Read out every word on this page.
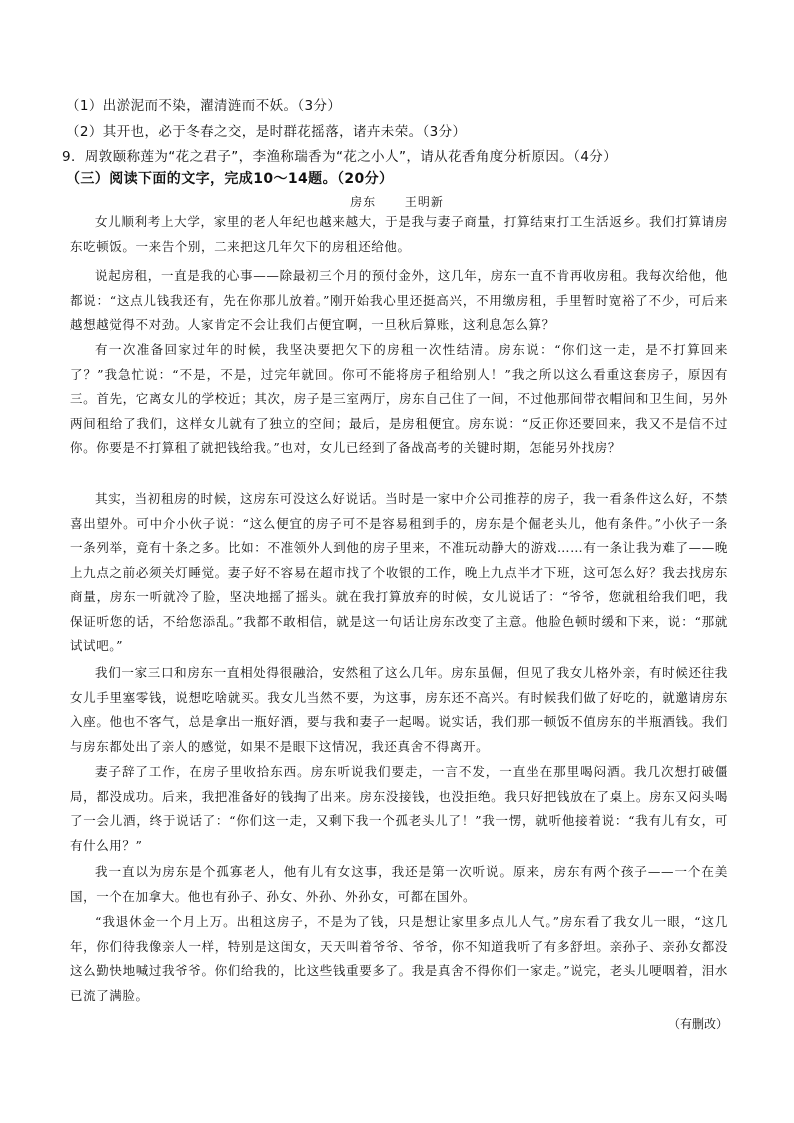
（1）出淤泥而不染，濯清涟而不妖。（3分）
（2）其开也，必于冬春之交，是时群花摇落，诸卉未荣。（3分）
9．周敦颐称莲为“花之君子”，李渔称瑞香为“花之小人”，请从花香角度分析原因。（4分）
（三）阅读下面的文字，完成10～14题。（20分）
房东 王明新

女儿顺利考上大学，家里的老人年纪也越来越大，于是我与妻子商量，打算结束打工生活返乡。我们打算请房东吃顿饭。一来告个别，二来把这几年欠下的房租还给他。

说起房租，一直是我的心事——除最初三个月的预付金外，这几年，房东一直不肯再收房租。我每次给他，他都说：“这点儿钱我还有，先在你那儿放着。”刚开始我心里还挺高兴，不用缴房租，手里暂时宽裕了不少，可后来越想越觉得不对劲。人家肯定不会让我们占便宜啊，一旦秋后算账，这利息怎么算？

有一次准备回家过年的时候，我坚决要把欠下的房租一次性结清。房东说：“你们这一走，是不打算回来了？”我急忙说：“不是，不是，过完年就回。你可不能将房子租给别人！”我之所以这么看重这套房子，原因有三。首先，它离女儿的学校近；其次，房子是三室两厅，房东自己住了一间，不过他那间带衣帽间和卫生间，另外两间租给了我们，这样女儿就有了独立的空间；最后，是房租便宜。房东说：“反正你还要回来，我又不是信不过你。你要是不打算租了就把钱给我。”也对，女儿已经到了备战高考的关键时期，怎能另外找房？

其实，当初租房的时候，这房东可没这么好说话。当时是一家中介公司推荐的房子，我一看条件这么好，不禁喜出望外。可中介小伙子说：“这么便宜的房子可不是容易租到手的，房东是个倔老头儿，他有条件。”小伙子一条一条列举，竟有十条之多。比如：不准领外人到他的房子里来，不准玩动静大的游戏……有一条让我为难了——晚上九点之前必须关灯睡觉。妻子好不容易在超市找了个收银的工作，晚上九点半才下班，这可怎么好？我去找房东商量，房东一听就冷了脸，坚决地摇了摇头。就在我打算放弃的时候，女儿说话了：“爷爷，您就租给我们吧，我保证听您的话，不给您添乱。”我都不敢相信，就是这一句话让房东改变了主意。他脸色顿时缓和下来，说：“那就试试吧。”

我们一家三口和房东一直相处得很融洽，安然租了这么几年。房东虽倔，但见了我女儿格外亲，有时候还往我女儿手里塞零钱，说想吃啥就买。我女儿当然不要，为这事，房东还不高兴。有时候我们做了好吃的，就邀请房东入座。他也不客气，总是拿出一瓶好酒，要与我和妻子一起喝。说实话，我们那一顿饭不值房东的半瓶酒钱。我们与房东都处出了亲人的感觉，如果不是眼下这情况，我还真舍不得离开。

妻子辞了工作，在房子里收拾东西。房东听说我们要走，一言不发，一直坐在那里喝闷酒。我几次想打破僵局，都没成功。后来，我把准备好的钱掏了出来。房东没接钱，也没拒绝。我只好把钱放在了桌上。房东又闷头喝了一会儿酒，终于说话了：“你们这一走，又剩下我一个孤老头儿了！”我一愣，就听他接着说：“我有儿有女，可有什么用？”

我一直以为房东是个孤寡老人，他有儿有女这事，我还是第一次听说。原来，房东有两个孩子——一个在美国，一个在加拿大。他也有孙子、孙女、外孙、外孙女，可都在国外。

“我退休金一个月上万。出租这房子，不是为了钱，只是想让家里多点儿人气。”房东看了我女儿一眼，“这几年，你们待我像亲人一样，特别是这闺女，天天叫着爷爷、爷爷，你不知道我听了有多舒坦。亲孙子、亲孙女都没这么勤快地喊过我爷爷。你们给我的，比这些钱重要多了。我是真舍不得你们一家走。”说完，老头儿哽咽着，泪水已流了满脸。

（有删改）
